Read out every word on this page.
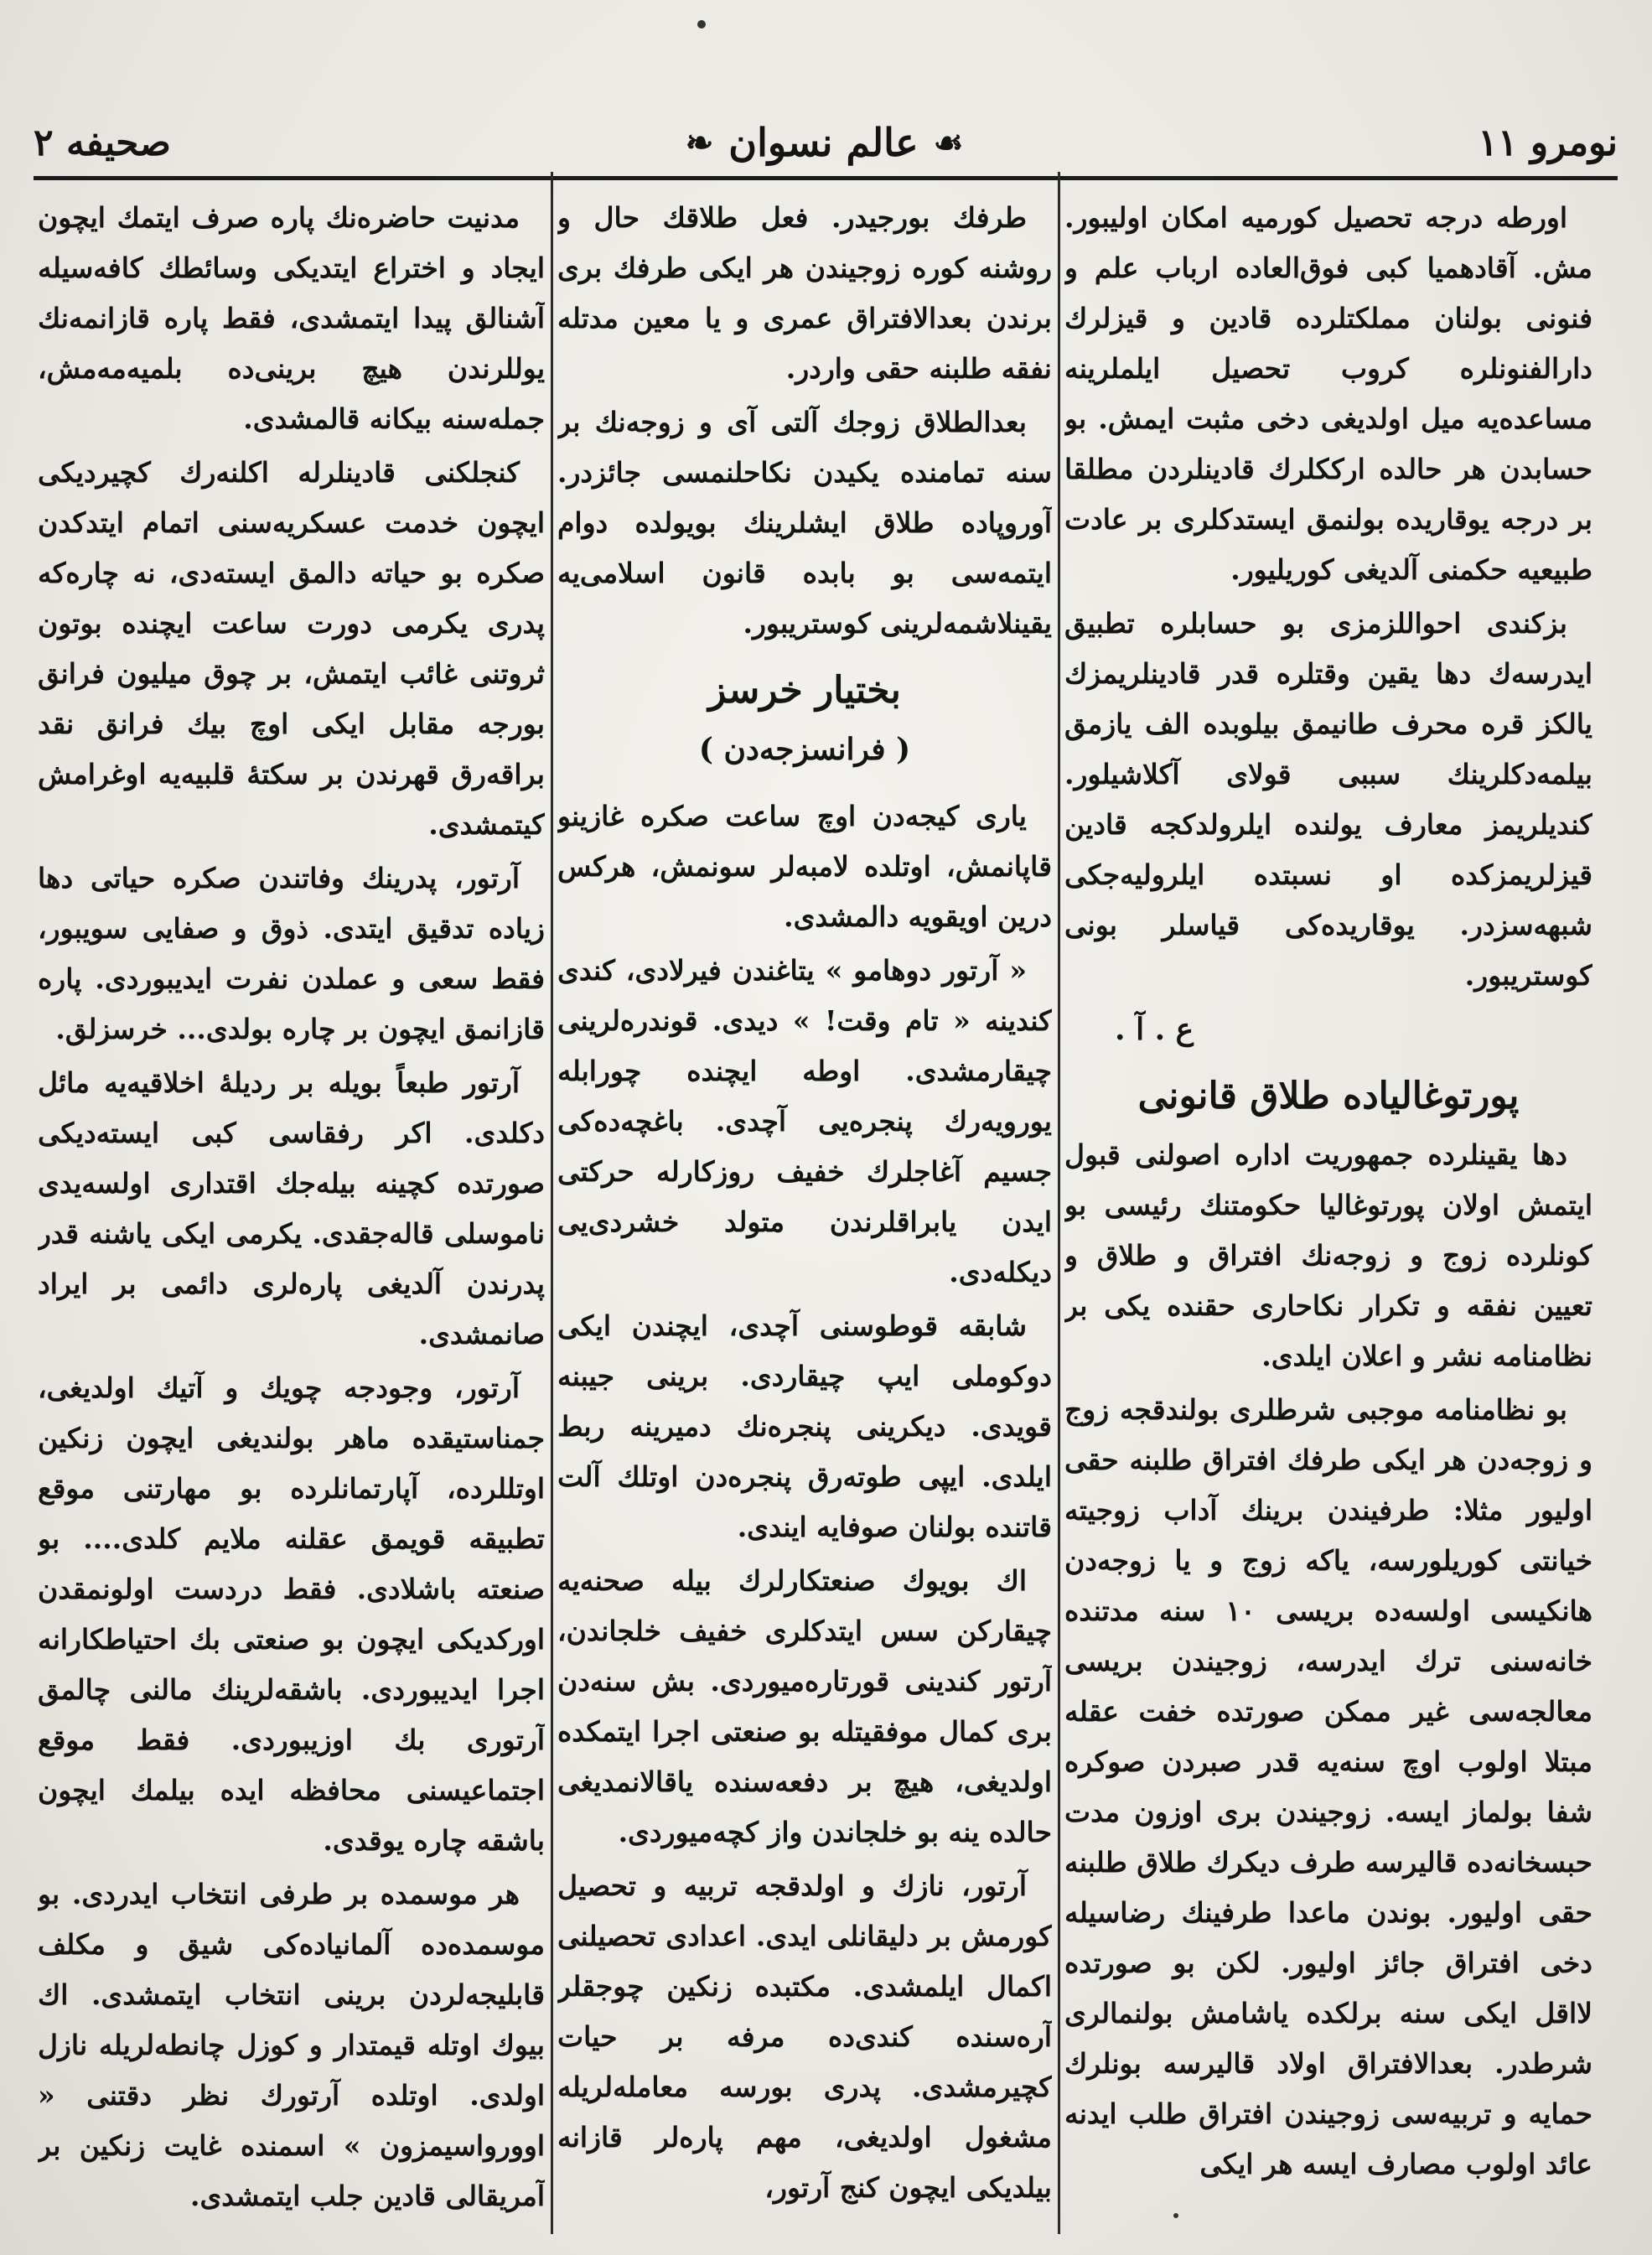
نومرو ۱۱
☙
عالم نسوان
❧
صحیفه ۲

اورطه درجه تحصیل کورمیه امکان اولیبور. مش. آقادهمیا کبی فوق‌العاده ارباب علم و فنونی بولنان مملکتلرده قادین و قیزلرك دارالفنونلره کروب تحصیل ایلملرینه مساعده‌یه میل اولدیغی دخی مثبت ایمش. بو حسابدن هر حالده ارککلرك قادینلردن مطلقا بر درجه یوقاریده بولنمق ایستدکلری بر عادت طبیعیه حکمنی آلدیغی کوریلیور.

بزکندی احواللزمزی بو حسابلره تطبیق ایدرسه‌ك دها یقین وقتلره قدر قادینلریمزك یالکز قره محرف طانیمق بیلوبده الف یازمق بیلمه‌دکلرینك سببی قولای آکلاشیلور. کندیلریمز معارف یولنده ایلرولدکجه قادین قیزلریمزکده او نسبتده ایلرولیه‌جکی شبهه‌سزدر. یوقاریده‌کی قیاسلر بونی کوستریبور.

ع . آ .

پورتوغالیاده طلاق قانونی

دها یقینلرده جمهوریت اداره اصولنی قبول ایتمش اولان پورتوغالیا حکومتنك رئیسی بو کونلرده زوج و زوجه‌نك افتراق و طلاق و تعیین نفقه و تکرار نکاحاری حقنده یکی بر نظامنامه نشر و اعلان ایلدی.

بو نظامنامه موجبی شرطلری بولندقجه زوج و زوجه‌دن هر ایکی طرفك افتراق طلبنه حقی اولیور مثلا: طرفیندن برینك آداب زوجیته خیانتی کوریلورسه، یاکه زوج و یا زوجه‌دن هانکیسی اولسه‌ده بریسی ۱۰ سنه مدتنده خانه‌سنی ترك ایدرسه، زوجیندن بریسی معالجه‌سی غیر ممکن صورتده خفت عقله مبتلا اولوب اوچ سنه‌یه قدر صبردن صوکره شفا بولماز ایسه. زوجیندن بری اوزون مدت حبسخانه‌ده قالیرسه طرف دیکرك طلاق طلبنه حقی اولیور. بوندن ماعدا طرفینك رضاسیله دخی افتراق جائز اولیور. لکن بو صورتده لااقل ایکی سنه برلکده یاشامش بولنمالری شرطدر. بعدالافتراق اولاد قالیرسه بونلرك حمایه و تربیه‌سی زوجیندن افتراق طلب ایدنه عائد اولوب مصارف ایسه هر ایکی

طرفك بورجیدر. فعل طلاقك حال و روشنه کوره زوجیندن هر ایکی طرفك بری برندن بعدالافتراق عمری و یا معین مدتله نفقه طلبنه حقی واردر.

بعدالطلاق زوجك آلتی آی و زوجه‌نك بر سنه تمامنده یکیدن نکاحلنمسی جائزدر. آوروپاده طلاق ایشلرینك بویولده دوام ایتمه‌سی بو بابده قانون اسلامی‌یه یقینلاشمه‌لرینی کوستریبور.

بختیار خرسز

( فرانسزجه‌دن )

یاری کیجه‌دن اوچ ساعت صکره غازینو قاپانمش، اوتلده لامبه‌لر سونمش، هرکس درین اویقویه دالمشدی.

« آرتور دوهامو » یتاغندن فیرلادی، کندی کندینه « تام وقت! » دیدی. قوندره‌لرینی چیقارمشدی. اوطه ایچنده چورابله یورویه‌رك پنجره‌یی آچدی. باغچه‌ده‌کی جسیم آغاجلرك خفیف روزکارله حرکتی ایدن یابراقلرندن متولد خشردی‌یی دیکله‌دی.

شابقه قوطوسنی آچدی، ایچندن ایکی دوکوملی ایپ چیقاردی. برینی جیبنه قویدی. دیکرینی پنجره‌نك دمیرینه ربط ایلدی. ایپی طوته‌رق پنجره‌دن اوتلك آلت قاتنده بولنان صوفایه ایندی.

اك بویوك صنعتکارلرك بیله صحنه‌یه چیقارکن سس ایتدکلری خفیف خلجاندن، آرتور کندینی قورتاره‌میوردی. بش سنه‌دن بری کمال موفقیتله بو صنعتی اجرا ایتمکده اولدیغی، هیچ بر دفعه‌سنده یاقالانمدیغی حالده ینه بو خلجاندن واز کچه‌میوردی.

آرتور، نازك و اولدقجه تربیه و تحصیل کورمش بر دلیقانلی ایدی. اعدادی تحصیلنی اکمال ایلمشدی. مکتبده زنکین چوجقلر آره‌سنده کندی‌ده مرفه بر حیات کچیرمشدی. پدری بورسه معامله‌لریله مشغول اولدیغی، مهم پاره‌لر قازانه بیلدیکی ایچون کنج آرتور،

مدنیت حاضره‌نك پاره صرف ایتمك ایچون ایجاد و اختراع ایتدیکی وسائطك کافه‌سیله آشنالق پیدا ایتمشدی، فقط پاره قازانمه‌نك یوللرندن هیچ برینی‌ده بلمیه‌مه‌مش، جمله‌سنه بیکانه قالمشدی.

کنجلکنی قادینلرله اکلنه‌رك کچیردیکی ایچون خدمت عسکریه‌سنی اتمام ایتدکدن صکره بو حیاته دالمق ایسته‌دی، نه چاره‌که پدری یکرمی دورت ساعت ایچنده بوتون ثروتنی غائب ایتمش، بر چوق میلیون فرانق بورجه مقابل ایکی اوچ بیك فرانق نقد براقه‌رق قهرندن بر سکتهٔ قلبیه‌یه اوغرامش کیتمشدی.

آرتور، پدرینك وفاتندن صکره حیاتی دها زیاده تدقیق ایتدی. ذوق و صفایی سویبور، فقط سعی و عملدن نفرت ایدیبوردی. پاره قازانمق ایچون بر چاره بولدی... خرسزلق.

آرتور طبعاً بویله بر ردیلهٔ اخلاقیه‌یه مائل دکلدی. اکر رفقاسی کبی ایسته‌دیکی صورتده کچینه بیله‌جك اقتداری اولسه‌یدی ناموسلی قاله‌جقدی. یکرمی ایکی یاشنه قدر پدرندن آلدیغی پاره‌لری دائمی بر ایراد صانمشدی.

آرتور، وجودجه چویك و آتیك اولدیغی، جمناستیقده ماهر بولندیغی ایچون زنکین اوتللرده، آپارتمانلرده بو مهارتنی موقع تطبیقه قویمق عقلنه ملایم کلدی.... بو صنعته باشلادی. فقط دردست اولونمقدن اورکدیکی ایچون بو صنعتی بك احتیاطکارانه اجرا ایدیبوردی. باشقه‌لرینك مالنی چالمق آرتوری بك اوزیبوردی. فقط موقع اجتماعیسنی محافظه ایده بیلمك ایچون باشقه چاره یوقدی.

هر موسمده بر طرفی انتخاب ایدردی. بو موسمده‌ده آلمانیاده‌کی شیق و مکلف قابلیجه‌لردن برینی انتخاب ایتمشدی. اك بیوك اوتله قیمتدار و کوزل چانطه‌لریله نازل اولدی. اوتلده آرتورك نظر دقتنی « اوورواسیمزون » اسمنده غایت زنکین بر آمریقالی قادین جلب ایتمشدی.
